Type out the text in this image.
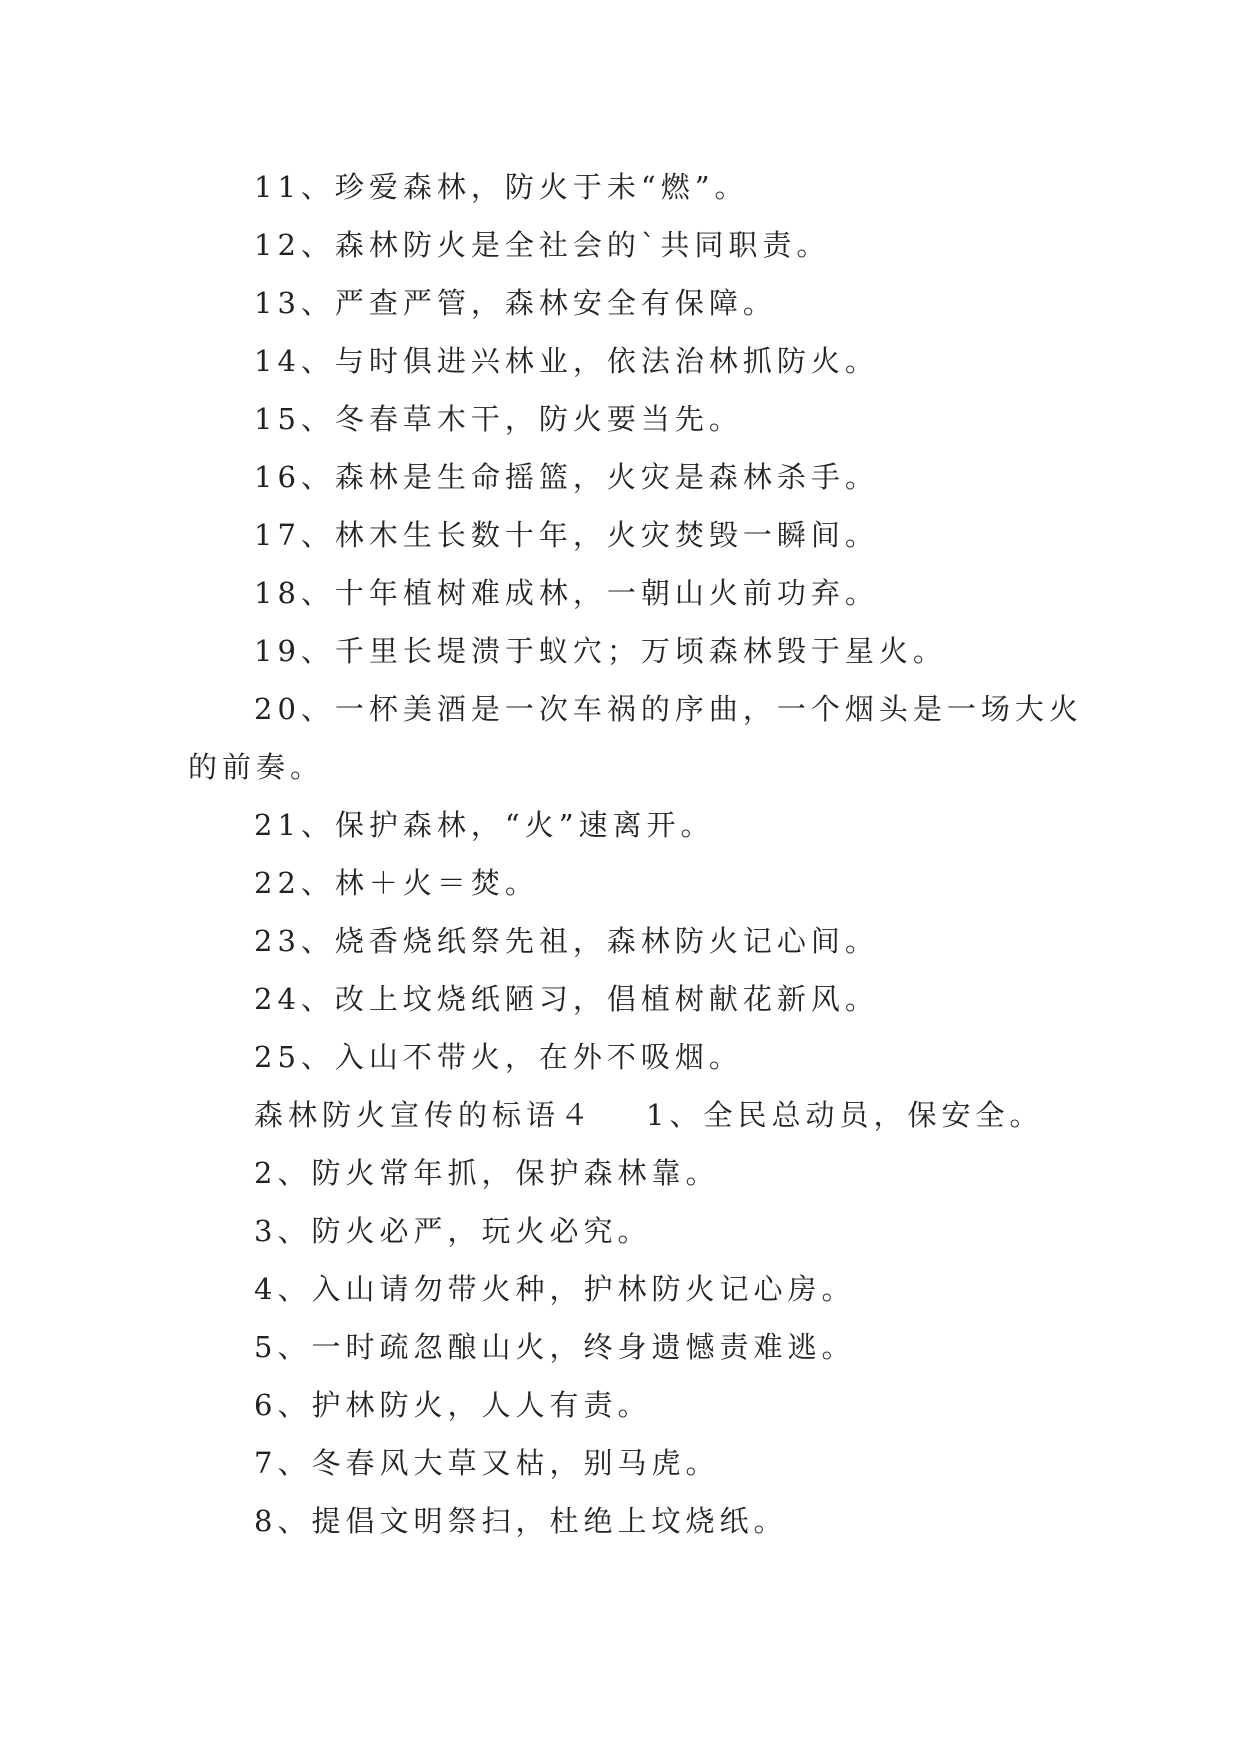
11、珍爱森林，防火于未“燃”。
12、森林防火是全社会的`共同职责。
13、严查严管，森林安全有保障。
14、与时俱进兴林业，依法治林抓防火。
15、冬春草木干，防火要当先。
16、森林是生命摇篮，火灾是森林杀手。
17、林木生长数十年，火灾焚毁一瞬间。
18、十年植树难成林，一朝山火前功弃。
19、千里长堤溃于蚁穴；万顷森林毁于星火。
20、一杯美酒是一次车祸的序曲，一个烟头是一场大火
的前奏。
21、保护森林，“火”速离开。
22、林＋火＝焚。
23、烧香烧纸祭先祖，森林防火记心间。
24、改上坟烧纸陋习，倡植树献花新风。
25、入山不带火，在外不吸烟。
森林防火宣传的标语４ 1、全民总动员，保安全。
2、防火常年抓，保护森林靠。
3、防火必严，玩火必究。
4、入山请勿带火种，护林防火记心房。
5、一时疏忽酿山火，终身遗憾责难逃。
6、护林防火，人人有责。
7、冬春风大草又枯，别马虎。
8、提倡文明祭扫，杜绝上坟烧纸。
